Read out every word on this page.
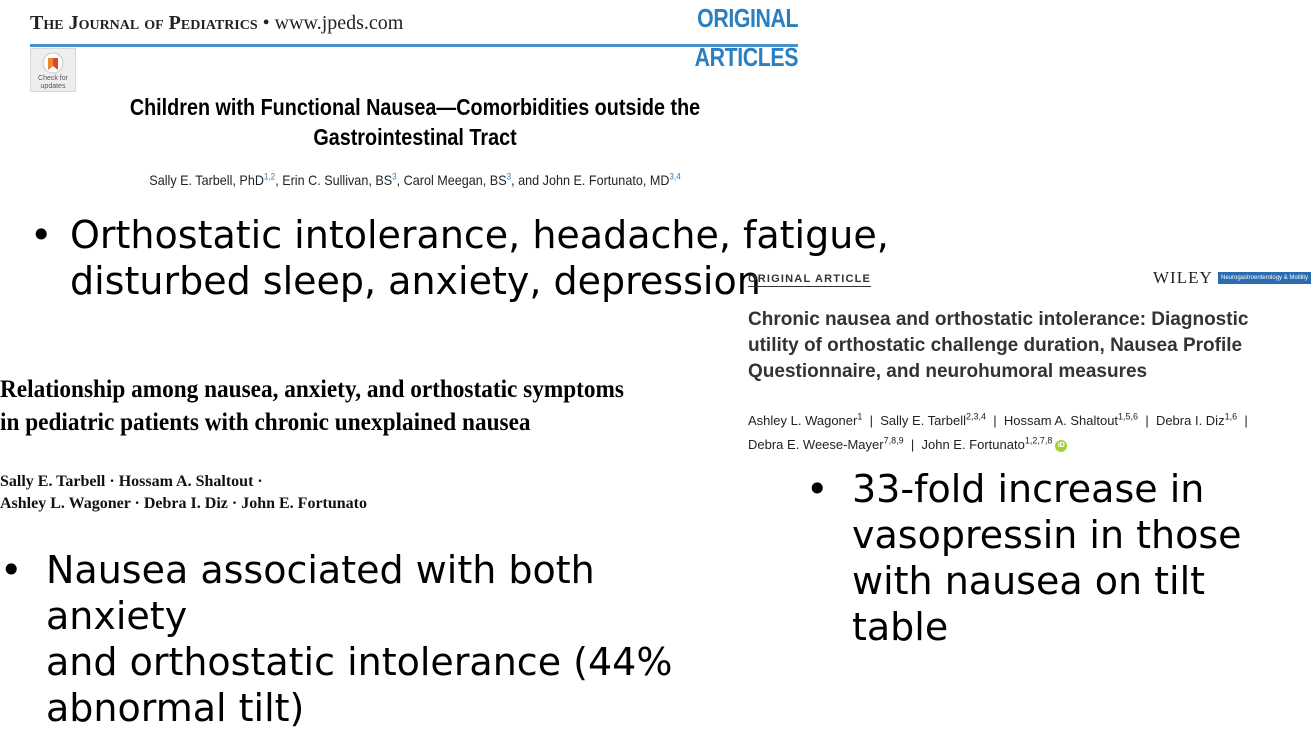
The Journal of Pediatrics • www.jpeds.com	ORIGINAL
ARTICLES
Check for
updates
Children with Functional Nausea—Comorbidities outside the
Gastrointestinal Tract
Sally E. Tarbell, PhD$^{1,2}$, Erin C. Sullivan, $BS^3$, Carol Meegan, $BS^3$, and John E. Fortunato, MD$^{3,4}$
• Orthostatic intolerance, headache, fatigue,
disturbed sleep, anxiety, depression
ORIGINAL ARTICLE	WILEY	Neurogastroenterology & Motility
Chronic nausea and orthostatic intolerance: Diagnostic
utility of orthostatic challenge duration, Nausea Profile
Questionnaire, and neurohumoral measures
Ashley L. Wagoner$^1$ | Sally E. Tarbell$^{2,3,4}$ | Hossam A. Shaltout$^{1,5,6}$ | Debra I. Diz$^{1,6}$ |
Debra E. Weese-Mayer$^{7,8,9}$ | John E. Fortunato$^{1,2,7,8}$ iD
Relationship among nausea, anxiety, and orthostatic symptoms
in pediatric patients with chronic unexplained nausea
Sally E. Tarbell · Hossam A. Shaltout ·
Ashley L. Wagoner · Debra I. Diz · John E. Fortunato	• 33-fold increase in
vasopressin in those
with nausea on tilt
table
• Nausea associated with both anxiety
and orthostatic intolerance (44%
abnormal tilt)
